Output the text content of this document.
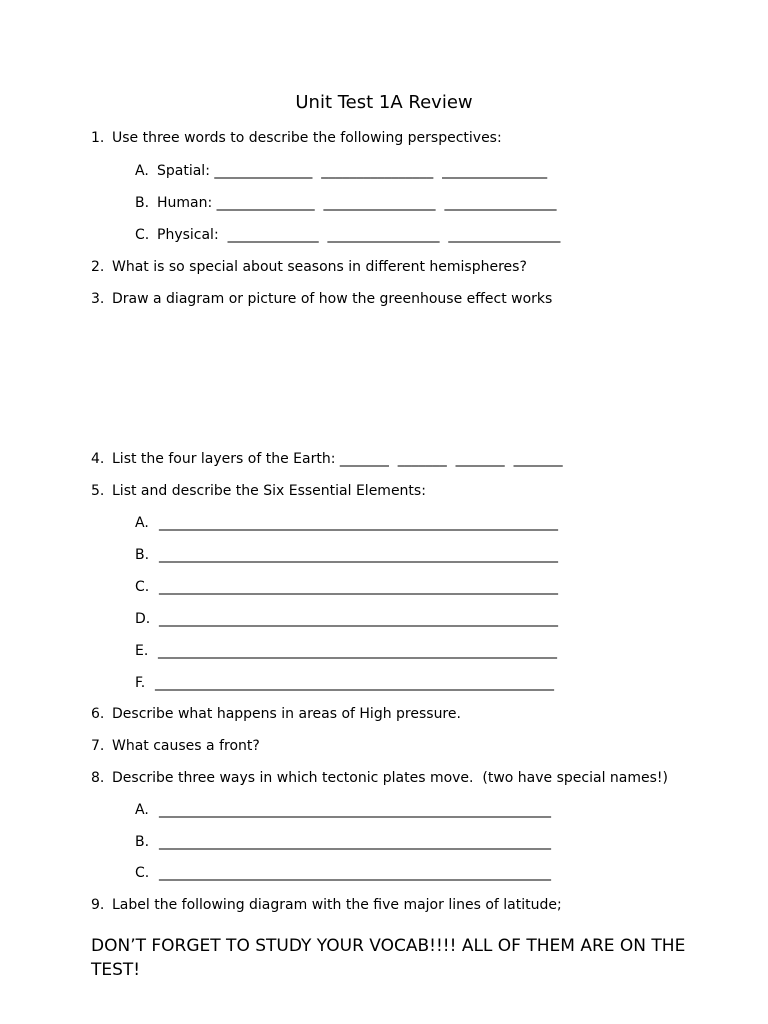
Unit Test 1A Review
1. Use three words to describe the following perspectives:
A. Spatial: ______________  ________________  _______________
B. Human: ______________  ________________  ________________
C. Physical:  _____________  ________________  ________________
2. What is so special about seasons in different hemispheres?
3. Draw a diagram or picture of how the greenhouse effect works
4. List the four layers of the Earth: _______  _______  _______  _______
5. List and describe the Six Essential Elements:
A. _________________________________________________________
B. _________________________________________________________
C. _________________________________________________________
D. _________________________________________________________
E. _________________________________________________________
F. _________________________________________________________
6. Describe what happens in areas of High pressure.
7. What causes a front?
8. Describe three ways in which tectonic plates move.  (two have special names!)
A. ________________________________________________________
B. ________________________________________________________
C. ________________________________________________________
9. Label the following diagram with the five major lines of latitude;
DON’T FORGET TO STUDY YOUR VOCAB!!!! ALL OF THEM ARE ON THE TEST!
